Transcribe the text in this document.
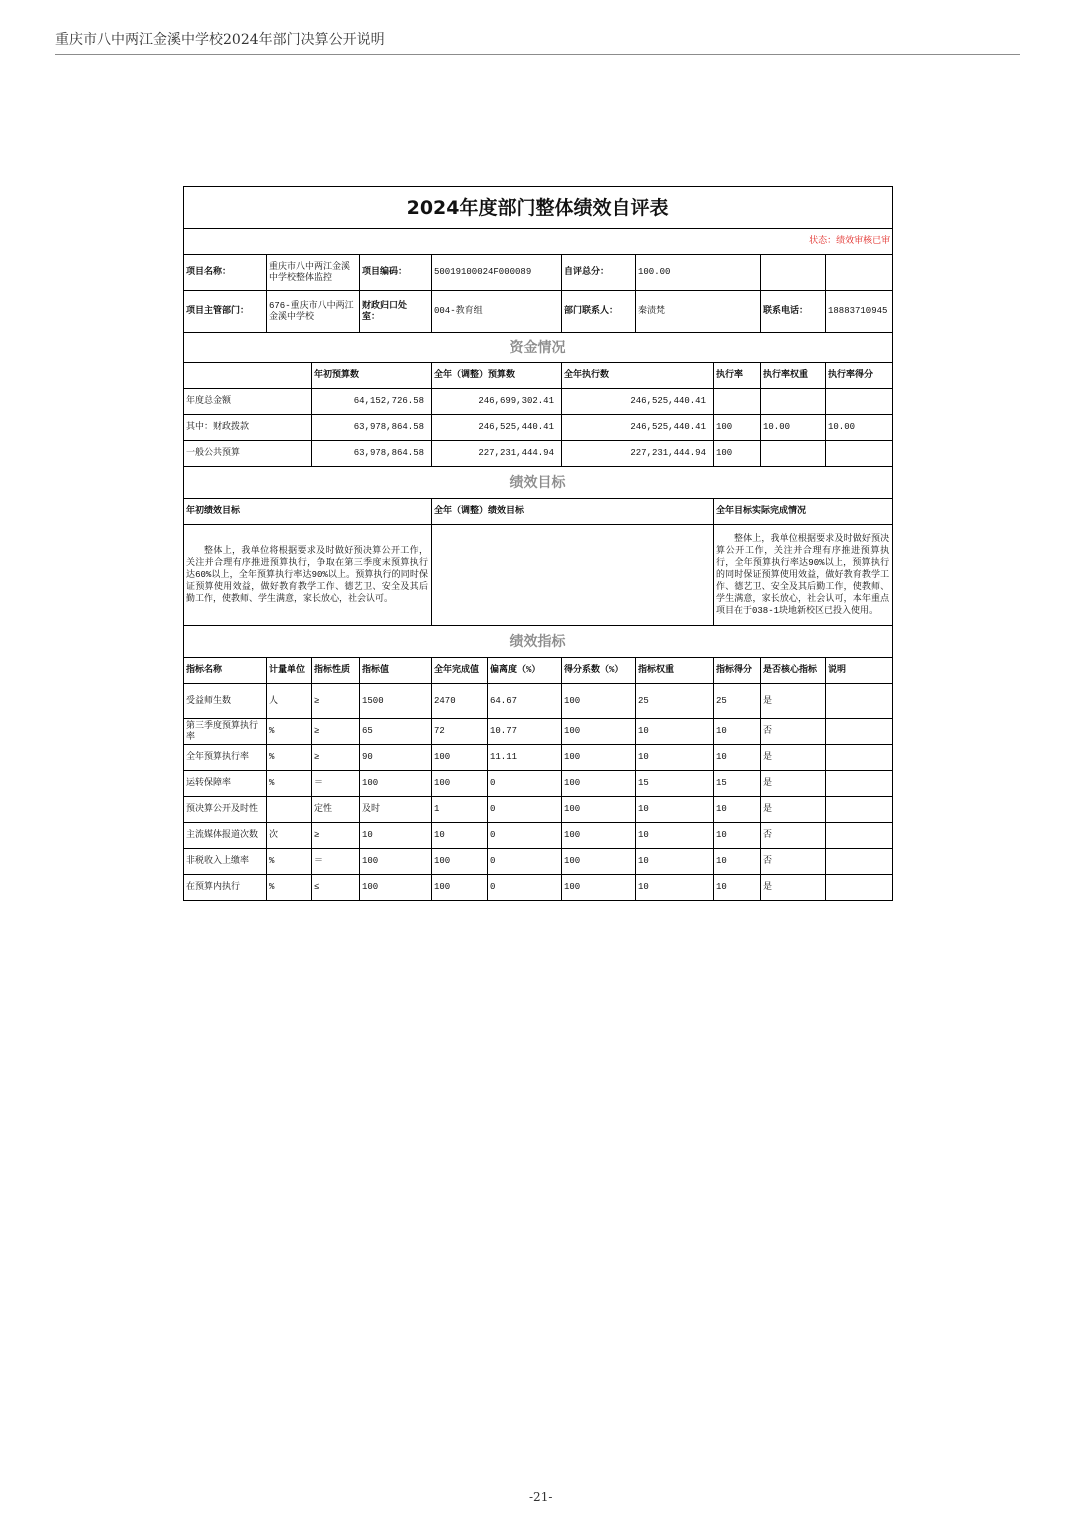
重庆市八中两江金溪中学校2024年部门决算公开说明
2024年度部门整体绩效自评表										
状态：绩效审核已审										
项目名称：	重庆市八中两江金溪中学校整体监控		项目编码：	50019100024F000089		自评总分：	100.00			
项目主管部门：	676-重庆市八中两江金溪中学校		财政归口处室：	004-教育组		部门联系人：	秦渍梵		联系电话：	18883710945
资金情况										
		年初预算数		全年（调整）预算数		全年执行数		执行率	执行率权重	执行率得分
年度总金额		64,152,726.58		246,699,302.41		246,525,440.41				
其中：财政拨款		63,978,864.58		246,525,440.41		246,525,440.41		100	10.00	10.00
一般公共预算		63,978,864.58		227,231,444.94		227,231,444.94		100		
绩效目标										
年初绩效目标				全年（调整）绩效目标				全年目标实际完成情况		
整体上，我单位将根据要求及时做好预决算公开工作，关注并合理有序推进预算执行，争取在第三季度末预算执行达60%以上，全年预算执行率达90%以上。预算执行的同时保证预算使用效益，做好教育教学工作、德艺卫、安全及其后勤工作，使教师、学生满意，家长放心，社会认可。								整体上，我单位根据要求及时做好预决算公开工作，关注并合理有序推进预算执行，全年预算执行率达90%以上，预算执行的同时保证预算使用效益，做好教育教学工作、德艺卫、安全及其后勤工作，使教师、学生满意，家长放心，社会认可，本年重点项目在于038-1块地新校区已投入使用。		
绩效指标										
指标名称	计量单位	指标性质	指标值	全年完成值	偏离度（%）	得分系数（%）	指标权重	指标得分	是否核心指标	说明
受益师生数	人	≥	1500	2470	64.67	100	25	25	是	
第三季度预算执行率	%	≥	65	72	10.77	100	10	10	否	
全年预算执行率	%	≥	90	100	11.11	100	10	10	是	
运转保障率	%	＝	100	100	0	100	15	15	是	
预决算公开及时性		定性	及时	1	0	100	10	10	是	
主流媒体报道次数	次	≥	10	10	0	100	10	10	否	
非税收入上缴率	%	＝	100	100	0	100	10	10	否	
在预算内执行	%	≤	100	100	0	100	10	10	是	
-21-
